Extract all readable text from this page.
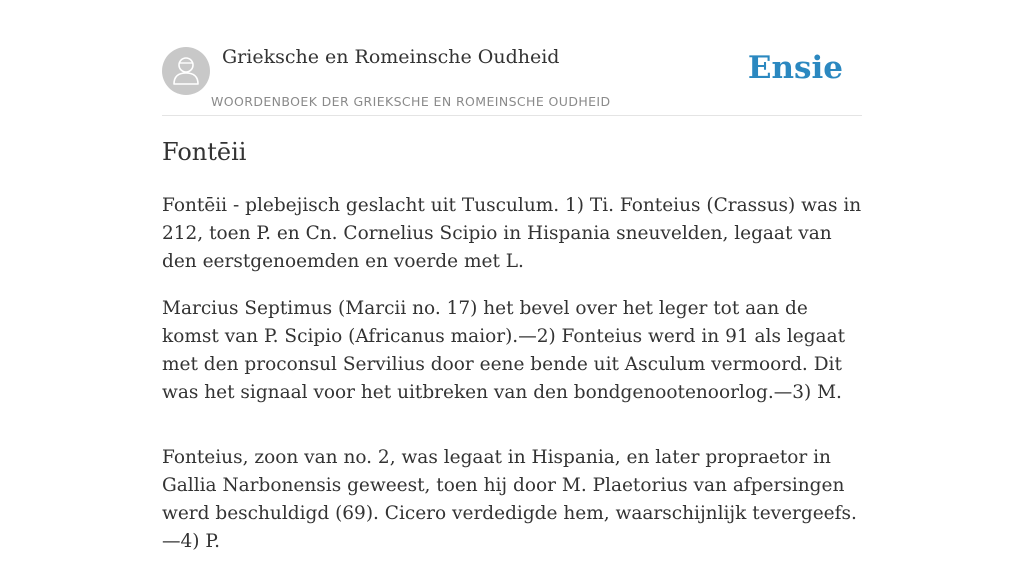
Grieksche en Romeinsche Oudheid
WOORDENBOEK DER GRIEKSCHE EN ROMEINSCHE OUDHEID
Ensie
Fontēii

Fontēii - plebejisch geslacht uit Tusculum. 1) Ti. Fonteius (Crassus) was in 212, toen P. en Cn. Cornelius Scipio in Hispania sneuvelden, legaat van den eerstgenoemden en voerde met L.

Marcius Septimus (Marcii no. 17) het bevel over het leger tot aan de komst van P. Scipio (Africanus maior).—2) Fonteius werd in 91 als legaat met den proconsul Servilius door eene bende uit Asculum vermoord. Dit was het signaal voor het uitbreken van den bondgenootenoorlog.—3) M.

Fonteius, zoon van no. 2, was legaat in Hispania, en later propraetor in Gallia Narbonensis geweest, toen hij door M. Plaetorius van afpersingen werd beschuldigd (69). Cicero verdedigde hem, waarschijnlijk tevergeefs.—4) P.
